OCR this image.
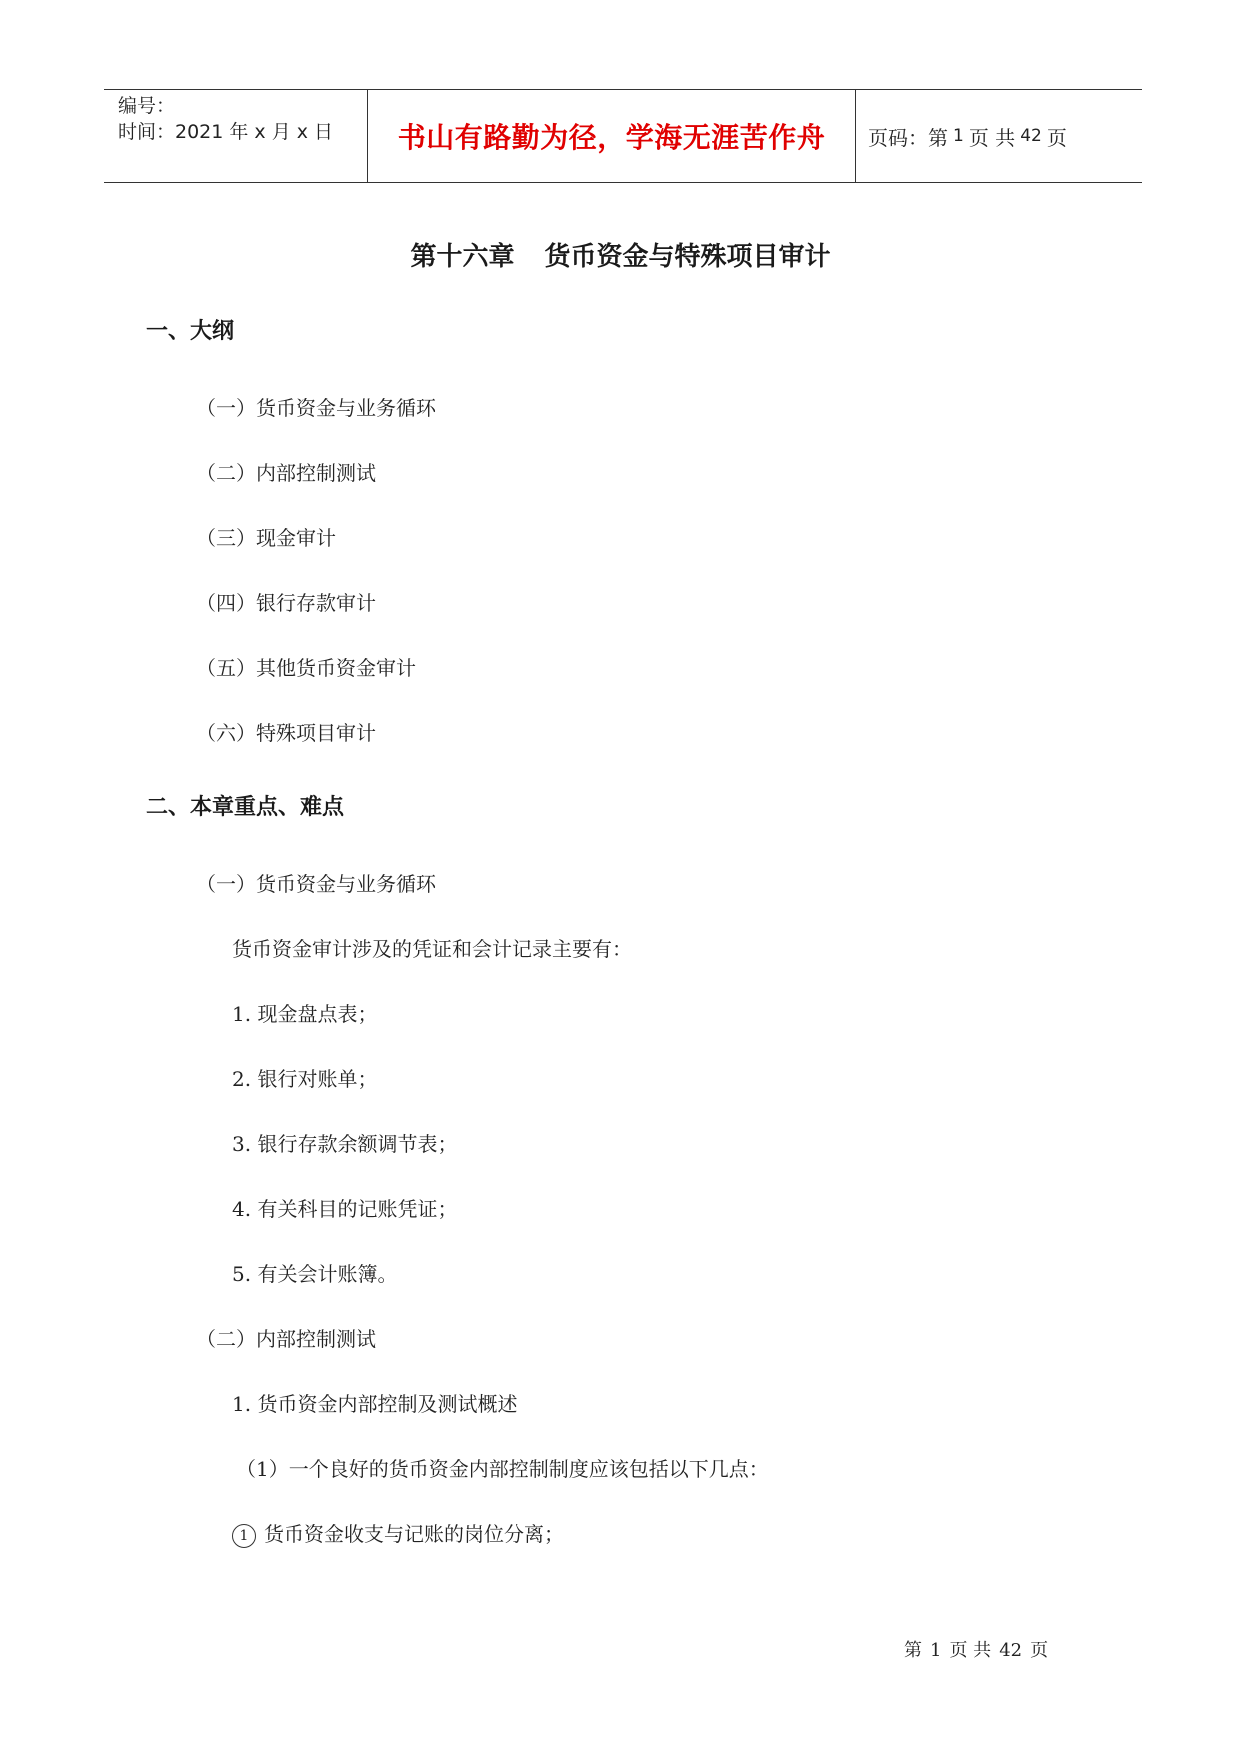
编号：
时间：2021 年 x 月 x 日	书山有路勤为径，学海无涯苦作舟 页码：第 1 页 共 42 页
第十六章 货币资金与特殊项目审计
一、大纲
（一）货币资金与业务循环
（二）内部控制测试
（三）现金审计
（四）银行存款审计
（五）其他货币资金审计
（六）特殊项目审计
二、本章重点、难点
（一）货币资金与业务循环
货币资金审计涉及的凭证和会计记录主要有：
1. 现金盘点表；
2. 银行对账单；
3. 银行存款余额调节表；
4. 有关科目的记账凭证；
5. 有关会计账簿。
（二）内部控制测试
1. 货币资金内部控制及测试概述
（1）一个良好的货币资金内部控制制度应该包括以下几点：
1 货币资金收支与记账的岗位分离；
第 1 页 共 42 页
